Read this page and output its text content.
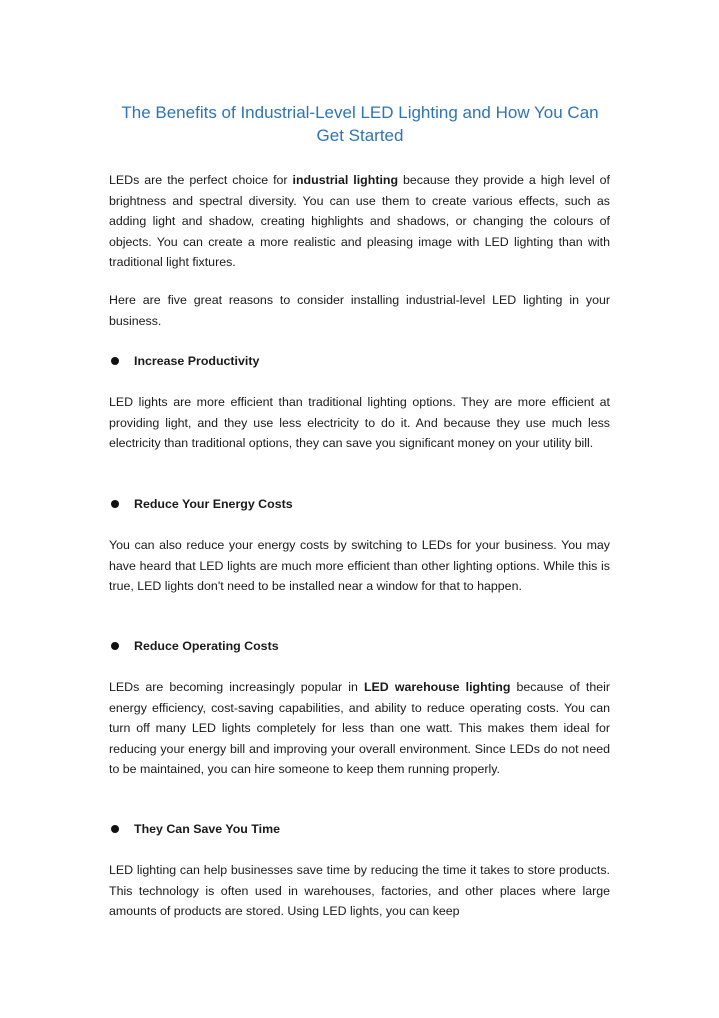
The Benefits of Industrial-Level LED Lighting and How You Can Get Started

LEDs are the perfect choice for industrial lighting because they provide a high level of brightness and spectral diversity. You can use them to create various effects, such as adding light and shadow, creating highlights and shadows, or changing the colours of objects. You can create a more realistic and pleasing image with LED lighting than with traditional light fixtures.

Here are five great reasons to consider installing industrial-level LED lighting in your business.

Increase Productivity

LED lights are more efficient than traditional lighting options. They are more efficient at providing light, and they use less electricity to do it. And because they use much less electricity than traditional options, they can save you significant money on your utility bill.

Reduce Your Energy Costs

You can also reduce your energy costs by switching to LEDs for your business. You may have heard that LED lights are much more efficient than other lighting options. While this is true, LED lights don't need to be installed near a window for that to happen.

Reduce Operating Costs

LEDs are becoming increasingly popular in LED warehouse lighting because of their energy efficiency, cost-saving capabilities, and ability to reduce operating costs. You can turn off many LED lights completely for less than one watt. This makes them ideal for reducing your energy bill and improving your overall environment. Since LEDs do not need to be maintained, you can hire someone to keep them running properly.

They Can Save You Time

LED lighting can help businesses save time by reducing the time it takes to store products. This technology is often used in warehouses, factories, and other places where large amounts of products are stored. Using LED lights, you can keep
